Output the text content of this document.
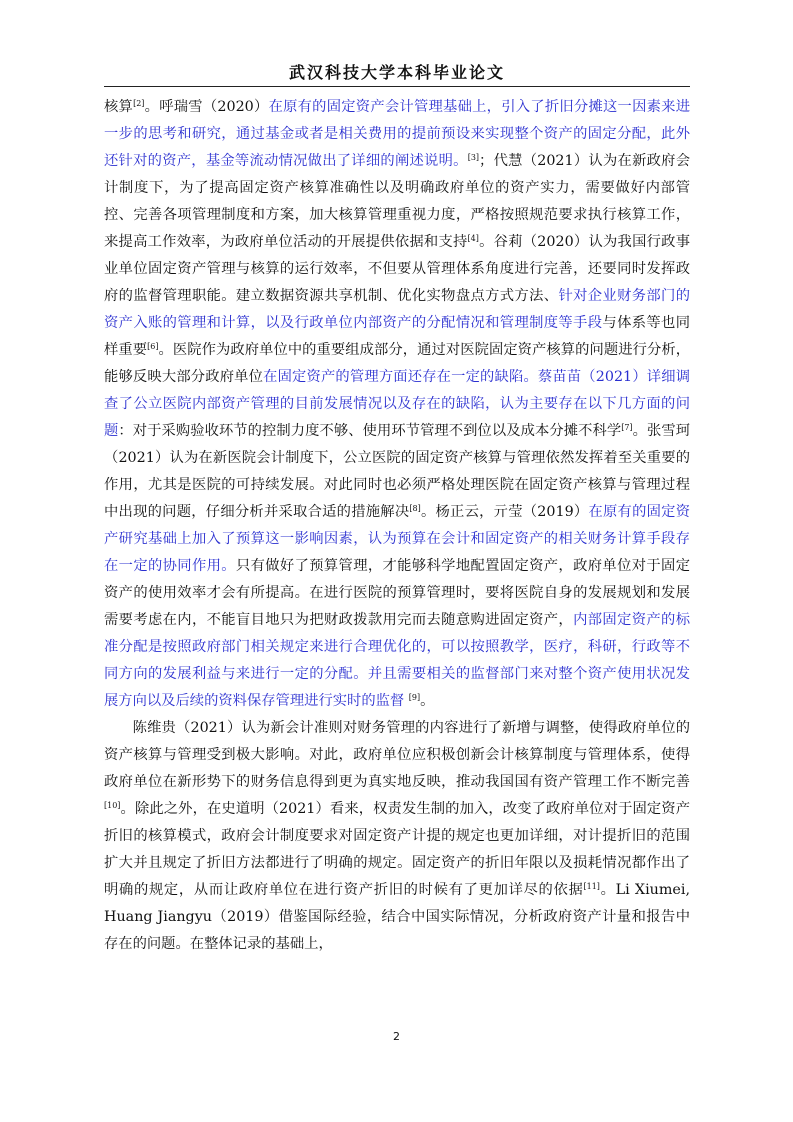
武汉科技大学本科毕业论文

核算[2]。呼瑞雪（2020）在原有的固定资产会计管理基础上，引入了折旧分摊这一因素来进一步的思考和研究，通过基金或者是相关费用的提前预设来实现整个资产的固定分配，此外还针对的资产，基金等流动情况做出了详细的阐述说明。[3]；代慧（2021）认为在新政府会计制度下，为了提高固定资产核算准确性以及明确政府单位的资产实力，需要做好内部管控、完善各项管理制度和方案，加大核算管理重视力度，严格按照规范要求执行核算工作，来提高工作效率，为政府单位活动的开展提供依据和支持[4]。谷莉（2020）认为我国行政事业单位固定资产管理与核算的运行效率，不但要从管理体系角度进行完善，还要同时发挥政府的监督管理职能。建立数据资源共享机制、优化实物盘点方式方法、针对企业财务部门的资产入账的管理和计算，以及行政单位内部资产的分配情况和管理制度等手段与体系等也同样重要[6]。医院作为政府单位中的重要组成部分，通过对医院固定资产核算的问题进行分析，能够反映大部分政府单位在固定资产的管理方面还存在一定的缺陷。蔡苗苗（2021）详细调查了公立医院内部资产管理的目前发展情况以及存在的缺陷，认为主要存在以下几方面的问题：对于采购验收环节的控制力度不够、使用环节管理不到位以及成本分摊不科学[7]。张雪珂（2021）认为在新医院会计制度下，公立医院的固定资产核算与管理依然发挥着至关重要的作用，尤其是医院的可持续发展。对此同时也必须严格处理医院在固定资产核算与管理过程中出现的问题，仔细分析并采取合适的措施解决[8]。杨正云，亓莹（2019）在原有的固定资产研究基础上加入了预算这一影响因素，认为预算在会计和固定资产的相关财务计算手段存在一定的协同作用。只有做好了预算管理，才能够科学地配置固定资产，政府单位对于固定资产的使用效率才会有所提高。在进行医院的预算管理时，要将医院自身的发展规划和发展需要考虑在内，不能盲目地只为把财政拨款用完而去随意购进固定资产，内部固定资产的标准分配是按照政府部门相关规定来进行合理优化的，可以按照教学，医疗，科研，行政等不同方向的发展利益与来进行一定的分配。并且需要相关的监督部门来对整个资产使用状况发展方向以及后续的资料保存管理进行实时的监督 [9]。

陈维贵（2021）认为新会计准则对财务管理的内容进行了新增与调整，使得政府单位的资产核算与管理受到极大影响。对此，政府单位应积极创新会计核算制度与管理体系，使得政府单位在新形势下的财务信息得到更为真实地反映，推动我国国有资产管理工作不断完善 [10]。除此之外，在史道明（2021）看来，权责发生制的加入，改变了政府单位对于固定资产折旧的核算模式，政府会计制度要求对固定资产计提的规定也更加详细，对计提折旧的范围扩大并且规定了折旧方法都进行了明确的规定。固定资产的折旧年限以及损耗情况都作出了明确的规定，从而让政府单位在进行资产折旧的时候有了更加详尽的依据[11]。Li Xiumei, Huang Jiangyu（2019）借鉴国际经验，结合中国实际情况，分析政府资产计量和报告中存在的问题。在整体记录的基础上，

2
